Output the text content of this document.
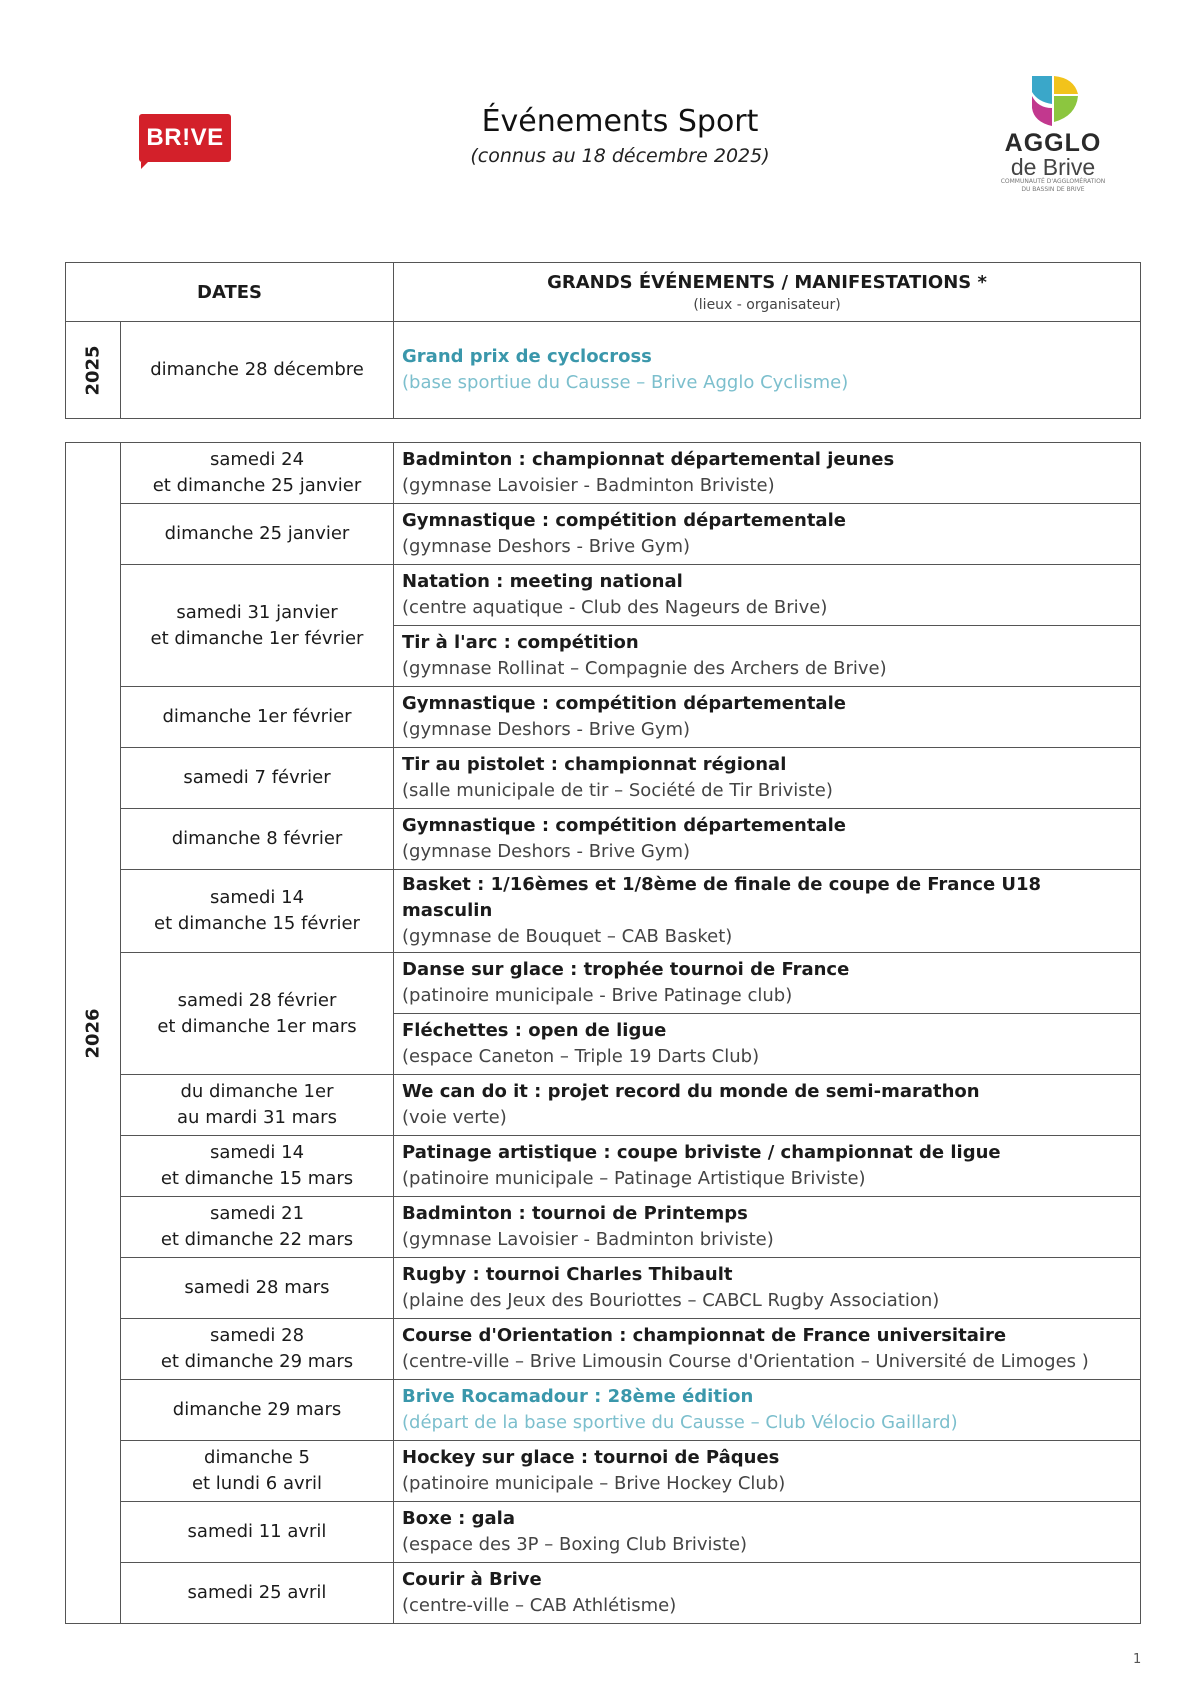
BR!VE	Événements Sport
(connus au 18 décembre 2025)	AGGLO
de Brive
COMMUNAUTÉ D'AGGLOMÉRATION DU BASSIN DE BRIVE
DATES		GRANDS ÉVÉNEMENTS / MANIFESTATIONS *
(lieux - organisateur)

2025	dimanche 28 décembre	Grand prix de cyclocross
(base sportiue du Causse – Brive Agglo Cyclisme)
2026	samedi 24
et dimanche 25 janvier	Badminton : championnat départemental jeunes
(gymnase Lavoisier - Badminton Briviste)

	dimanche 25 janvier	Gymnastique : compétition départementale
(gymnase Deshors - Brive Gym)

	samedi 31 janvier
et dimanche 1er février	Natation : meeting national
(centre aquatique - Club des Nageurs de Brive)

		Tir à l'arc : compétition
(gymnase Rollinat – Compagnie des Archers de Brive)

	dimanche 1er février	Gymnastique : compétition départementale
(gymnase Deshors - Brive Gym)

	samedi 7 février	Tir au pistolet : championnat régional
(salle municipale de tir – Société de Tir Briviste)

	dimanche 8 février	Gymnastique : compétition départementale
(gymnase Deshors - Brive Gym)

	samedi 14
et dimanche 15 février	Basket : 1/16èmes et 1/8ème de finale de coupe de France U18 masculin
(gymnase de Bouquet – CAB Basket)

	samedi 28 février
et dimanche 1er mars	Danse sur glace : trophée tournoi de France
(patinoire municipale - Brive Patinage club)

		Fléchettes : open de ligue
(espace Caneton – Triple 19 Darts Club)

	du dimanche 1er
au mardi 31 mars	We can do it : projet record du monde de semi-marathon
(voie verte)

	samedi 14
et dimanche 15 mars	Patinage artistique : coupe briviste / championnat de ligue
(patinoire municipale – Patinage Artistique Briviste)

	samedi 21
et dimanche 22 mars	Badminton : tournoi de Printemps
(gymnase Lavoisier - Badminton briviste)

	samedi 28 mars	Rugby : tournoi Charles Thibault
(plaine des Jeux des Bouriottes – CABCL Rugby Association)

	samedi 28
et dimanche 29 mars	Course d'Orientation : championnat de France universitaire
(centre-ville – Brive Limousin Course d'Orientation – Université de Limoges )

	dimanche 29 mars	Brive Rocamadour : 28ème édition
(départ de la base sportive du Causse – Club Vélocio Gaillard)

	dimanche 5
et lundi 6 avril	Hockey sur glace : tournoi de Pâques
(patinoire municipale – Brive Hockey Club)

	samedi 11 avril	Boxe : gala
(espace des 3P – Boxing Club Briviste)

	samedi 25 avril	Courir à Brive
(centre-ville – CAB Athlétisme)
1
